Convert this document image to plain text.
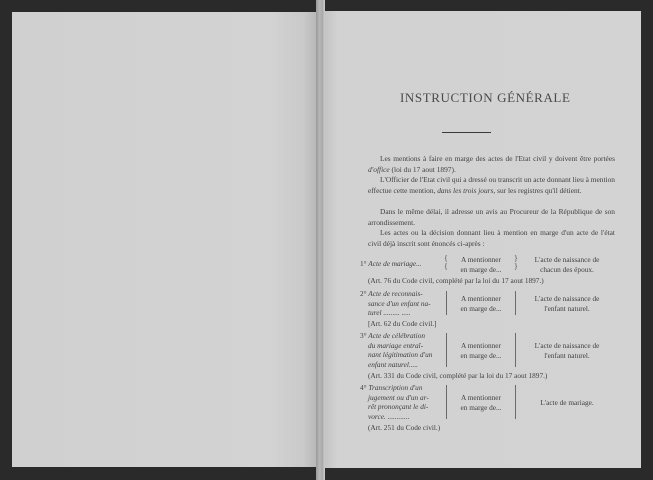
INSTRUCTION GÉNÉRALE
Les mentions à faire en marge des actes de l'Etat civil y doivent être portées d'office (loi du 17 aout 1897).
L'Officier de l'Etat civil qui a dressé ou transcrit un acte donnant lieu à mention effectue cette mention, dans les trois jours, sur les registres qu'il détient.
Dans le même délai, il adresse un avis au Procureur de la République de son arrondissement.
Les actes ou la décision donnant lieu à mention en marge d'un acte de l'état civil déjà inscrit sont énoncés ci-après :
1° Acte de mariage...
{
{
A mentionner
en marge de...
}
}
L'acte de naissance de
chacun des époux.
(Art. 76 du Code civil, complété par la loi du 17 aout 1897.)
2° Acte de reconnais-
sance d'un enfant na-
turel ......... .....
A mentionner
en marge de...
L'acte de naissance de
l'enfant naturel.
[Art. 62 du Code civil.]
3° Acte de célébration
du mariage entraî-
nant légitimation d'un
enfant naturel.....
A mentionner
en marge de...
L'acte de naissance de
l'enfant naturel.
(Art. 331 du Code civil, complété par la loi du 17 aout 1897.)
4° Transcription d'un
jugement ou d'un ar-
rêt prononçant le di-
vorce. ............
A mentionner
en marge de...
L'acte de mariage.
(Art. 251 du Code civil.)
